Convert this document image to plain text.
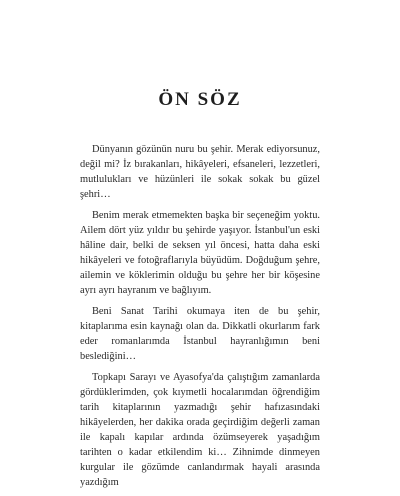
ÖN SÖZ

Dünyanın gözünün nuru bu şehir. Merak ediyorsunuz, değil mi? İz bırakanları, hikâyeleri, efsaneleri, lezzetleri, mutlulukları ve hüzünleri ile sokak sokak bu güzel şehri…

Benim merak etmemekten başka bir seçeneğim yoktu. Ailem dört yüz yıldır bu şehirde yaşıyor. İstanbul'un eski hâline dair, belki de seksen yıl öncesi, hatta daha eski hikâyeleri ve fotoğraflarıyla büyüdüm. Doğduğum şehre, ailemin ve köklerimin olduğu bu şehre her bir köşesine ayrı ayrı hayranım ve bağlıyım.

Beni Sanat Tarihi okumaya iten de bu şehir, kitaplarıma esin kaynağı olan da. Dikkatli okurlarım fark eder romanlarımda İstanbul hayranlığımın beni beslediğini…

Topkapı Sarayı ve Ayasofya'da çalıştığım zamanlarda gördüklerimden, çok kıymetli hocalarımdan öğrendiğim tarih kitaplarının yazmadığı şehir hafızasındaki hikâyelerden, her dakika orada geçirdiğim değerli zaman ile kapalı kapılar ardında özümseyerek yaşadığım tarihten o kadar etkilendim ki… Zihnimde dinmeyen kurgular ile gözümde canlandırmak hayali arasında yazdığım
